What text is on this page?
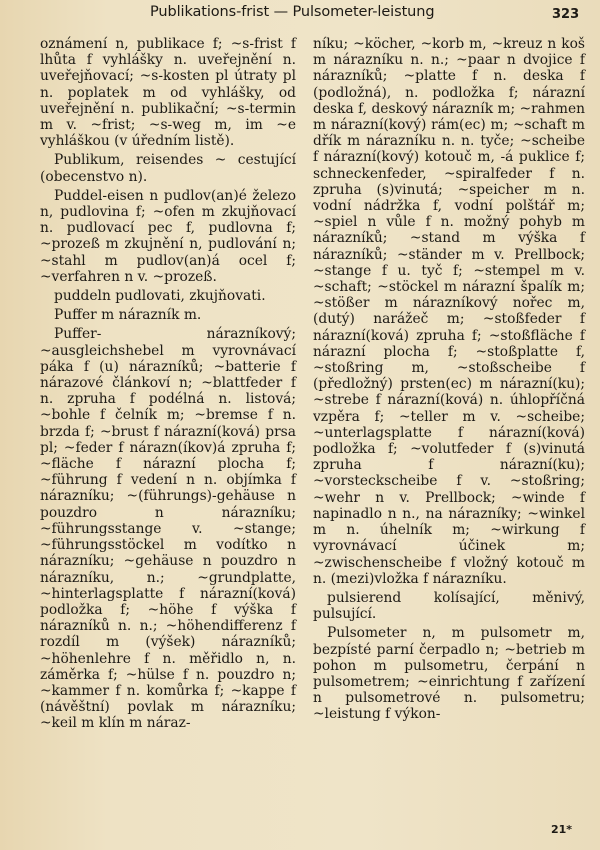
Publikations-frist — Pulsometer-leistung	323

oznámení n, publikace f; ~s-frist f lhůta f vyhlášky n. uveřejnění n. uveřejňovací; ~s-kosten pl útraty pl n. poplatek m od vyhlášky, od uveřejnění n. publikační; ~s-termin m v. ~frist; ~s-weg m, im ~e vyhláškou (v úředním listě).

Publikum, reisendes ~ cestující (obecenstvo n).

Puddel-eisen n pudlov(an)é železo n, pudlovina f; ~ofen m zkujňovací n. pudlovací pec f, pudlovna f; ~prozeß m zkujnění n, pudlování n; ~stahl m pudlov(an)á ocel f; ~verfahren n v. ~prozeß.

puddeln pudlovati, zkujňovati.

Puffer m nárazník m.

Puffer- nárazníkový; ~ausgleichshebel m vyrovnávací páka f (u) nárazníků; ~batterie f nárazové článkoví n; ~blattfeder f n. zpruha f podélná n. listová; ~bohle f čelník m; ~bremse f n. brzda f; ~brust f nárazní(ková) prsa pl; ~feder f nárazn(íkov)á zpruha f; ~fläche f nárazní plocha f; ~führung f vedení n n. objímka f nárazníku; ~(führungs)-gehäuse n pouzdro n nárazníku; ~führungsstange v. ~stange; ~führungsstöckel m vodítko n nárazníku; ~gehäuse n pouzdro n nárazníku, n.; ~grundplatte, ~hinterlagsplatte f nárazní(ková) podložka f; ~höhe f výška f nárazníků n. n.; ~höhendifferenz f rozdíl m (výšek) nárazníků; ~höhenlehre f n. měřidlo n, n. záměrka f; ~hülse f n. pouzdro n; ~kammer f n. komůrka f; ~kappe f (návěštní) povlak m nárazníku; ~keil m klín m náraz-

níku; ~köcher, ~korb m, ~kreuz n koš m nárazníku n. n.; ~paar n dvojice f nárazníků; ~platte f n. deska f (podložná), n. podložka f; nárazní deska f, deskový nárazník m; ~rahmen m nárazní(kový) rám(ec) m; ~schaft m dřík m nárazníku n. n. tyče; ~scheibe f nárazní(kový) kotouč m, -á puklice f; schneckenfeder, ~spiralfeder f n. zpruha (s)vinutá; ~speicher m n. vodní nádržka f, vodní polštář m; ~spiel n vůle f n. možný pohyb m nárazníků; ~stand m výška f nárazníků; ~ständer m v. Prellbock; ~stange f u. tyč f; ~stempel m v. ~schaft; ~stöckel m nárazní špalík m; ~stößer m nárazníkový nořec m, (dutý) narážeč m; ~stoßfeder f nárazní(ková) zpruha f; ~stoßfläche f nárazní plocha f; ~stoßplatte f, ~stoßring m, ~stoßscheibe f (předložný) prsten(ec) m nárazní(ku); ~strebe f nárazní(ková) n. úhlopříčná vzpěra f; ~teller m v. ~scheibe; ~unterlagsplatte f nárazní(ková) podložka f; ~volutfeder f (s)vinutá zpruha f nárazní(ku); ~vorsteckscheibe f v. ~stoßring; ~wehr n v. Prellbock; ~winde f napinadlo n n., na nárazníky; ~winkel m n. úhelník m; ~wirkung f vyrovnávací účinek m; ~zwischenscheibe f vložný kotouč m n. (mezi)vložka f nárazníku.

pulsierend kolísající, měnivý, pulsující.

Pulsometer n, m pulsometr m, bezpísté parní čerpadlo n; ~betrieb m pohon m pulsometru, čerpání n pulsometrem; ~einrichtung f zařízení n pulsometrové n. pulsometru; ~leistung f výkon-

21*
